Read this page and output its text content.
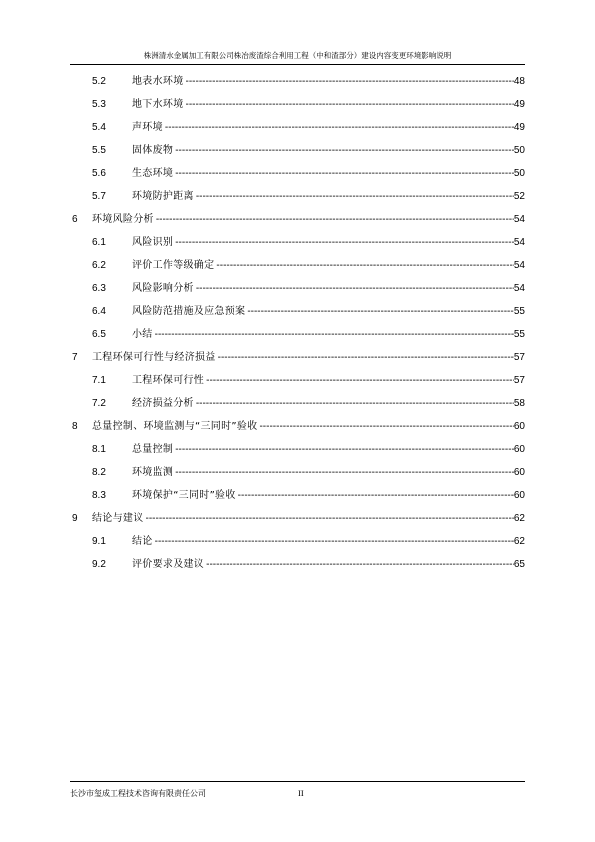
株洲清水金属加工有限公司株冶废渣综合利用工程（中和渣部分）建设内容变更环境影响说明
5.2	地表水环境 -----	48
5.3	地下水环境 -----	49
5.4	声环境 -----	49
5.5	固体废物 -----	50
5.6	生态环境 -----	50
5.7	环境防护距离 -----	52
6 环境风险分析 -----	54
6.1	风险识别 -----	54
6.2	评价工作等级确定 -----	54
6.3	风险影响分析 -----	54
6.4	风险防范措施及应急预案 -----	55
6.5	小结 -----	55
7 工程环保可行性与经济损益 -----	57
7.1	工程环保可行性 -----	57
7.2	经济损益分析 -----	58
8 总量控制、环境监测与“三同时”验收 -----	60
8.1	总量控制 -----	60
8.2	环境监测 -----	60
8.3	环境保护“三同时”验收 -----	60
9 结论与建议 -----	62
9.1	结论 -----	62
9.2	评价要求及建议 -----	65
长沙市玺成工程技术咨询有限责任公司	II
